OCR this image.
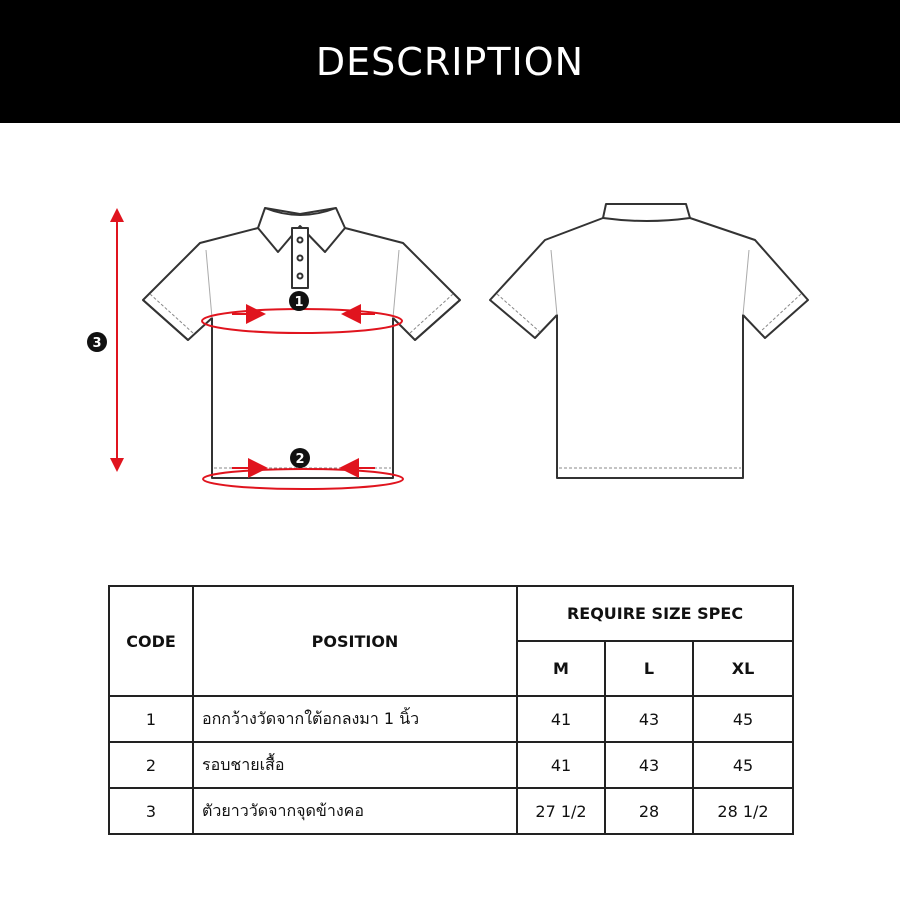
DESCRIPTION
1
2
3
CODE	POSITION	REQUIRE SIZE SPEC		
		M	L	XL
1	อกกว้างวัดจากใต้อกลงมา 1 นิ้ว	41	43	45
2	รอบชายเสื้อ	41	43	45
3	ตัวยาววัดจากจุดข้างคอ	27 1/2	28	28 1/2
